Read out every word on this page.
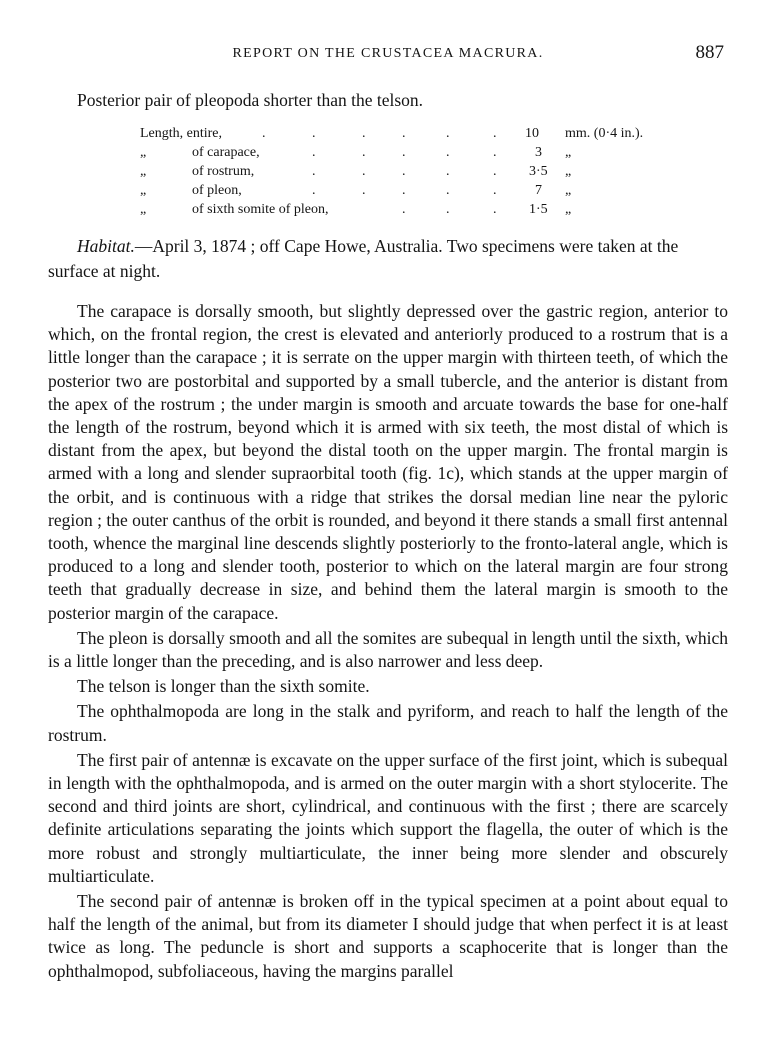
REPORT ON THE CRUSTACEA MACRURA.	887
Posterior pair of pleopoda shorter than the telson.
Length, entire,	.	.	.	.	.	. 10 mm. (0·4 in.).
„	of carapace,	.	.	.	.	.	3 „
„	of rostrum,	.	.	.	.	. 3·5 „
„	of pleon,	.	.	.	.	.	7 „
„	of sixth somite of pleon,	.	.	. 1·5 „
Habitat.—April 3, 1874 ; off Cape Howe, Australia. Two specimens were taken at the surface at night.

The carapace is dorsally smooth, but slightly depressed over the gastric region, anterior to which, on the frontal region, the crest is elevated and anteriorly produced to a rostrum that is a little longer than the carapace ; it is serrate on the upper margin with thirteen teeth, of which the posterior two are postorbital and supported by a small tubercle, and the anterior is distant from the apex of the rostrum ; the under margin is smooth and arcuate towards the base for one-half the length of the rostrum, beyond which it is armed with six teeth, the most distal of which is distant from the apex, but beyond the distal tooth on the upper margin. The frontal margin is armed with a long and slender supraorbital tooth (fig. 1c), which stands at the upper margin of the orbit, and is continuous with a ridge that strikes the dorsal median line near the pyloric region ; the outer canthus of the orbit is rounded, and beyond it there stands a small first antennal tooth, whence the marginal line descends slightly posteriorly to the fronto-lateral angle, which is produced to a long and slender tooth, posterior to which on the lateral margin are four strong teeth that gradually decrease in size, and behind them the lateral margin is smooth to the posterior margin of the carapace.

The pleon is dorsally smooth and all the somites are subequal in length until the sixth, which is a little longer than the preceding, and is also narrower and less deep.

The telson is longer than the sixth somite.

The ophthalmopoda are long in the stalk and pyriform, and reach to half the length of the rostrum.

The first pair of antennæ is excavate on the upper surface of the first joint, which is subequal in length with the ophthalmopoda, and is armed on the outer margin with a short stylocerite. The second and third joints are short, cylindrical, and continuous with the first ; there are scarcely definite articulations separating the joints which support the flagella, the outer of which is the more robust and strongly multiarticulate, the inner being more slender and obscurely multiarticulate.

The second pair of antennæ is broken off in the typical specimen at a point about equal to half the length of the animal, but from its diameter I should judge that when perfect it is at least twice as long. The peduncle is short and supports a scaphocerite that is longer than the ophthalmopod, subfoliaceous, having the margins parallel
